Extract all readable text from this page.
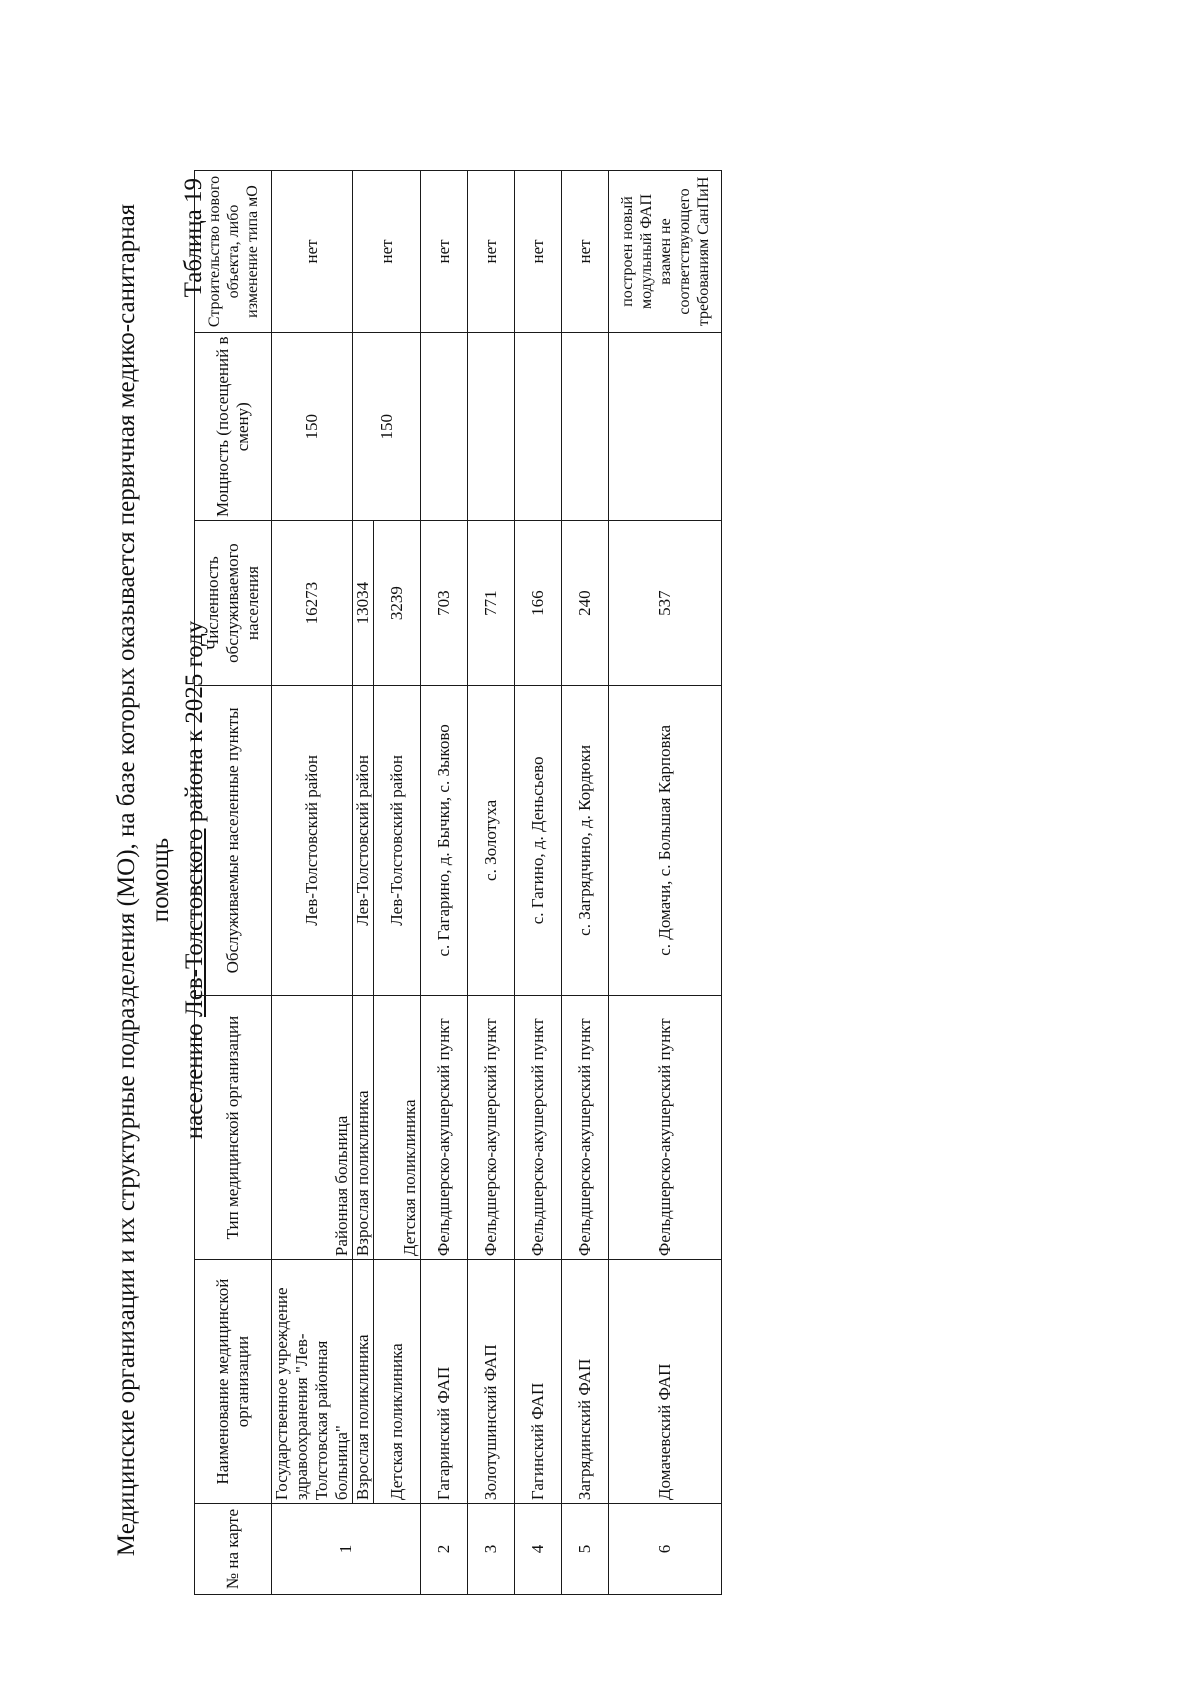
Медицинские организации и их структурные подразделения (МО), на базе которых оказывается первичная медико-санитарная помощь
населению Лев-Толстовского района к 2025 году
Таблица 19
№ на карте	Наименование медицинской организации	Тип медицинской организации	Обслуживаемые населенные пункты	Численность обслуживаемого населения	Мощность (посещений в смену)	Строительство нового объекта, либо изменение типа мО
1	Государственное учреждение здравоохранения "Лев-Толстовская районная больница"	Районная больница	Лев-Толстовский район	16273	150	нет
	Взрослая поликлиника	Взрослая поликлиника	Лев-Толстовский район	13034	150	нет
	Детская поликлиника	Детская поликлиника	Лев-Толстовский район	3239		
2	Гагаринский ФАП	Фельдшерско-акушерский пункт	с. Гагарино, д. Бычки, с. Зыково	703		нет
3	Золотушинский ФАП	Фельдшерско-акушерский пункт	с. Золотуха	771		нет
4	Гагинский ФАП	Фельдшерско-акушерский пункт	с. Гагино, д. Деньсьево	166		нет
5	Загрядинский ФАП	Фельдшерско-акушерский пункт	с. Загрядчино, д. Кордюки	240		нет
6	Домачевский ФАП	Фельдшерско-акушерский пункт	с. Домачи, с. Большая Карповка	537		построен новый модульный ФАП взамен не соответствующего требованиям СанПиН
